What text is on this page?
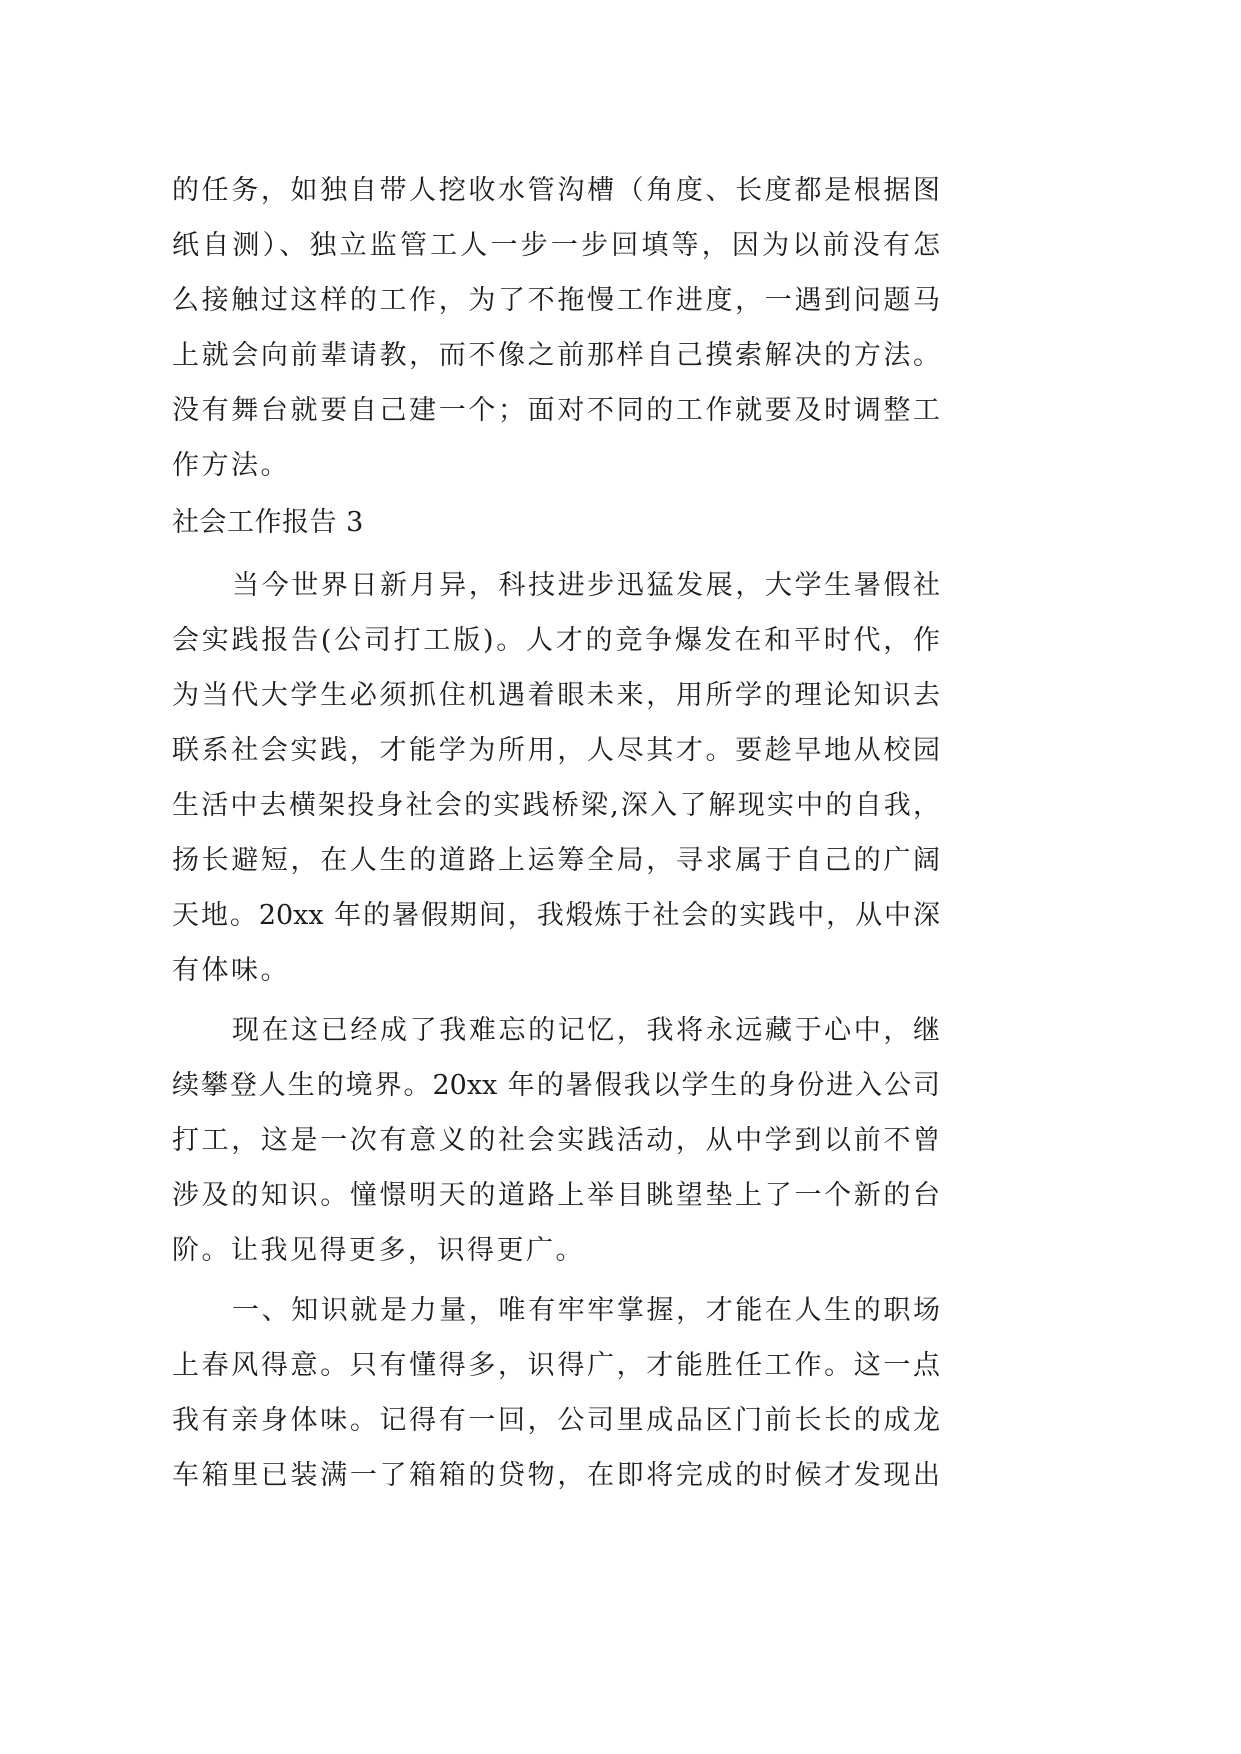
的任务，如独自带人挖收水管沟槽（角度、长度都是根据图
纸自测）、独立监管工人一步一步回填等，因为以前没有怎
么接触过这样的工作，为了不拖慢工作进度，一遇到问题马
上就会向前辈请教，而不像之前那样自己摸索解决的方法。
没有舞台就要自己建一个；面对不同的工作就要及时调整工
作方法。
社会工作报告 3
当今世界日新月异，科技进步迅猛发展，大学生暑假社
会实践报告(公司打工版)。人才的竞争爆发在和平时代，作
为当代大学生必须抓住机遇着眼未来，用所学的理论知识去
联系社会实践，才能学为所用，人尽其才。要趁早地从校园
生活中去横架投身社会的实践桥梁,深入了解现实中的自我，
扬长避短，在人生的道路上运筹全局，寻求属于自己的广阔
天地。20xx 年的暑假期间，我煅炼于社会的实践中，从中深
有体味。
现在这已经成了我难忘的记忆，我将永远藏于心中，继
续攀登人生的境界。20xx 年的暑假我以学生的身份进入公司
打工，这是一次有意义的社会实践活动，从中学到以前不曾
涉及的知识。憧憬明天的道路上举目眺望垫上了一个新的台
阶。让我见得更多，识得更广。
一、知识就是力量，唯有牢牢掌握，才能在人生的职场
上春风得意。只有懂得多，识得广，才能胜任工作。这一点
我有亲身体味。记得有一回，公司里成品区门前长长的成龙
车箱里已装满一了箱箱的贷物，在即将完成的时候才发现出
